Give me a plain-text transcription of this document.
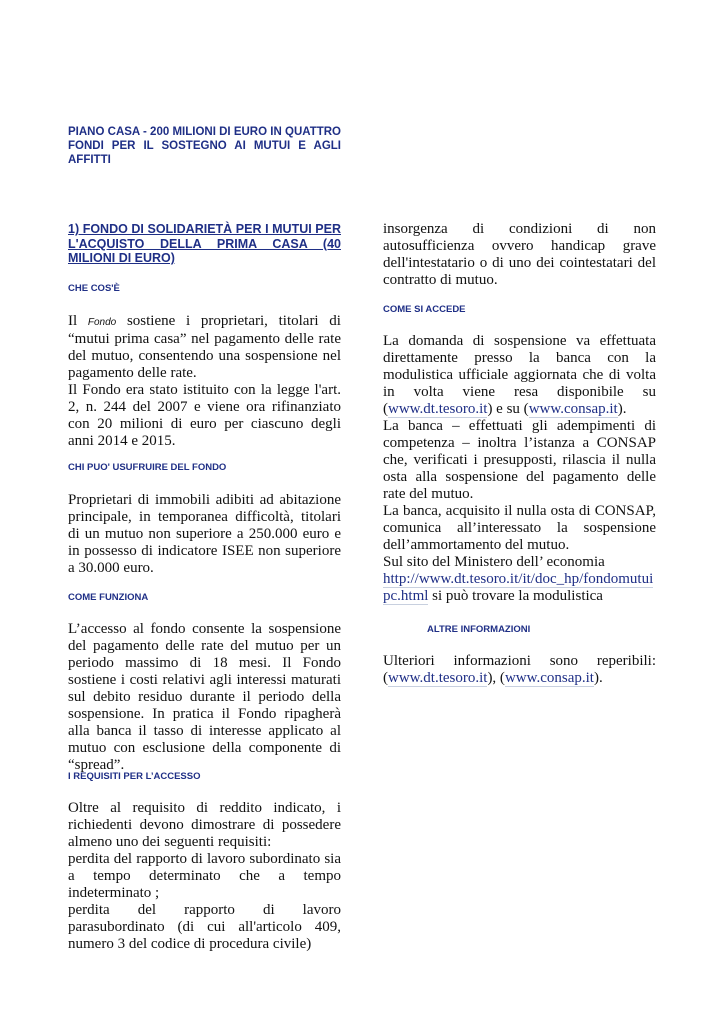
PIANO CASA - 200 MILIONI DI EURO IN QUATTRO FONDI PER IL SOSTEGNO AI MUTUI E AGLI AFFITTI
1) FONDO DI SOLIDARIETÀ PER I MUTUI PER L'ACQUISTO DELLA PRIMA CASA (40 MILIONI DI EURO)
CHE COS'È

Il Fondo sostiene i proprietari, titolari di “mutui prima casa” nel pagamento delle rate del mutuo, consentendo una sospensione nel pagamento delle rate.

Il Fondo era stato istituito con la legge l'art. 2, n. 244 del 2007 e viene ora rifinanziato con 20 milioni di euro per ciascuno degli anni 2014 e 2015.

CHI PUO' USUFRUIRE DEL FONDO
Proprietari di immobili adibiti ad abitazione principale, in temporanea difficoltà, titolari di un mutuo non superiore a 250.000 euro e in possesso di indicatore ISEE non superiore a 30.000 euro.
COME FUNZIONA
L’accesso al fondo consente la sospensione del pagamento delle rate del mutuo per un periodo massimo di 18 mesi. Il Fondo sostiene i costi relativi agli interessi maturati sul debito residuo durante il periodo della sospensione. In pratica il Fondo ripagherà alla banca il tasso di interesse applicato al mutuo con esclusione della componente di “spread”.
I REQUISITI PER L’ACCESSO

Oltre al requisito di reddito indicato, i richiedenti devono dimostrare di possedere almeno uno dei seguenti requisiti:

perdita del rapporto di lavoro subordinato sia a tempo determinato che a tempo indeterminato ;

perdita del rapporto di lavoro parasubordinato (di cui all'articolo 409, numero 3 del codice di procedura civile)

insorgenza di condizioni di non autosufficienza ovvero handicap grave dell'intestatario o di uno dei cointestatari del contratto di mutuo.
COME SI ACCEDE

La domanda di sospensione va effettuata direttamente presso la banca con la modulistica ufficiale aggiornata che di volta in volta viene resa disponibile su (www.dt.tesoro.it) e su (www.consap.it).

La banca – effettuati gli adempimenti di competenza – inoltra l’istanza a CONSAP che, verificati i presupposti, rilascia il nulla osta alla sospensione del pagamento delle rate del mutuo.

La banca, acquisito il nulla osta di CONSAP, comunica all’interessato la sospensione dell’ammortamento del mutuo.

Sul sito del Ministero dell’ economia

http://www.dt.tesoro.it/it/doc_hp/fondomutui
pc.html si può trovare la modulistica

ALTRE INFORMAZIONI

Ulteriori informazioni sono reperibili: (www.dt.tesoro.it), (www.consap.it).
